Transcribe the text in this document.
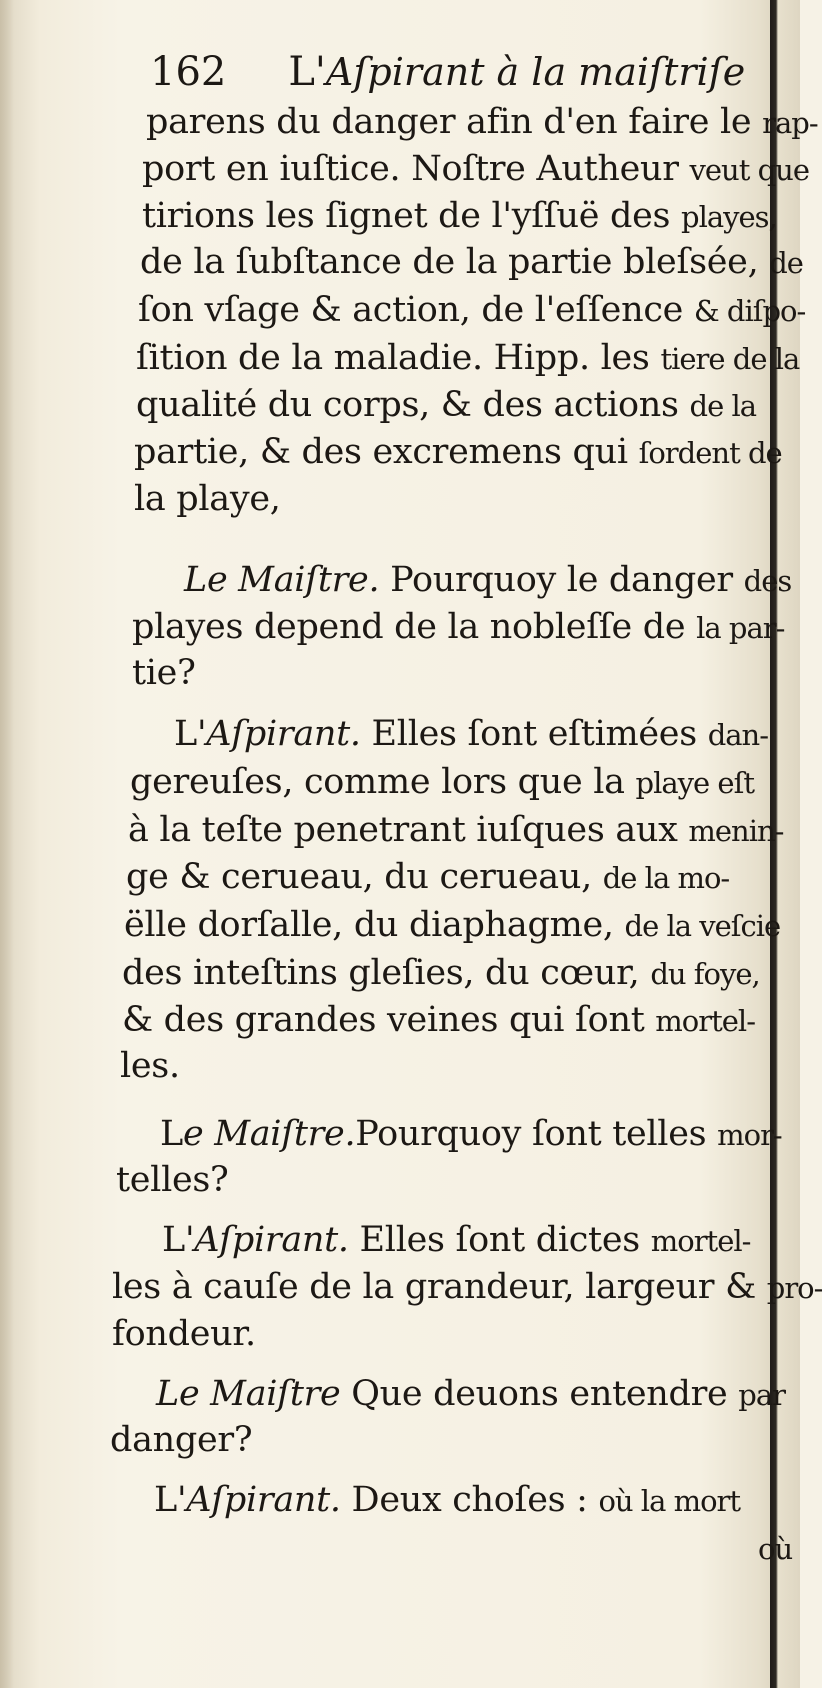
162 L'Aſpirant à la maiſtriſe
parens du danger afin d'en faire le rap-
port en iuſtice. Noſtre Autheur veut que
tirions les ſignet de l'yſſuë des playes,
de la ſubſtance de la partie bleſsée, de
ſon vſage & action, de l'eſſence & diſpo-
ſition de la maladie. Hipp. les tiere de la
qualité du corps, & des actions de la
partie, & des excremens qui ſordent de
la playe,
Le Maiſtre. Pourquoy le danger des
playes depend de la nobleſſe de la par-
tie?
L'Aſpirant. Elles ſont eſtimées dan-
gereuſes, comme lors que la playe eſt
à la teſte penetrant iuſques aux menin-
ge & cerueau, du cerueau, de la mo-
ëlle dorſalle, du diaphagme, de la veſcie
des inteſtins gleſies, du cœur, du foye,
& des grandes veines qui ſont mortel-
les.
Le Maiſtre.Pourquoy ſont telles mor-
telles?
L'Aſpirant. Elles ſont dictes mortel-
les à cauſe de la grandeur, largeur & pro-
fondeur.
Le Maiſtre Que deuons entendre par
danger?
L'Aſpirant. Deux choſes : où la mort
où
